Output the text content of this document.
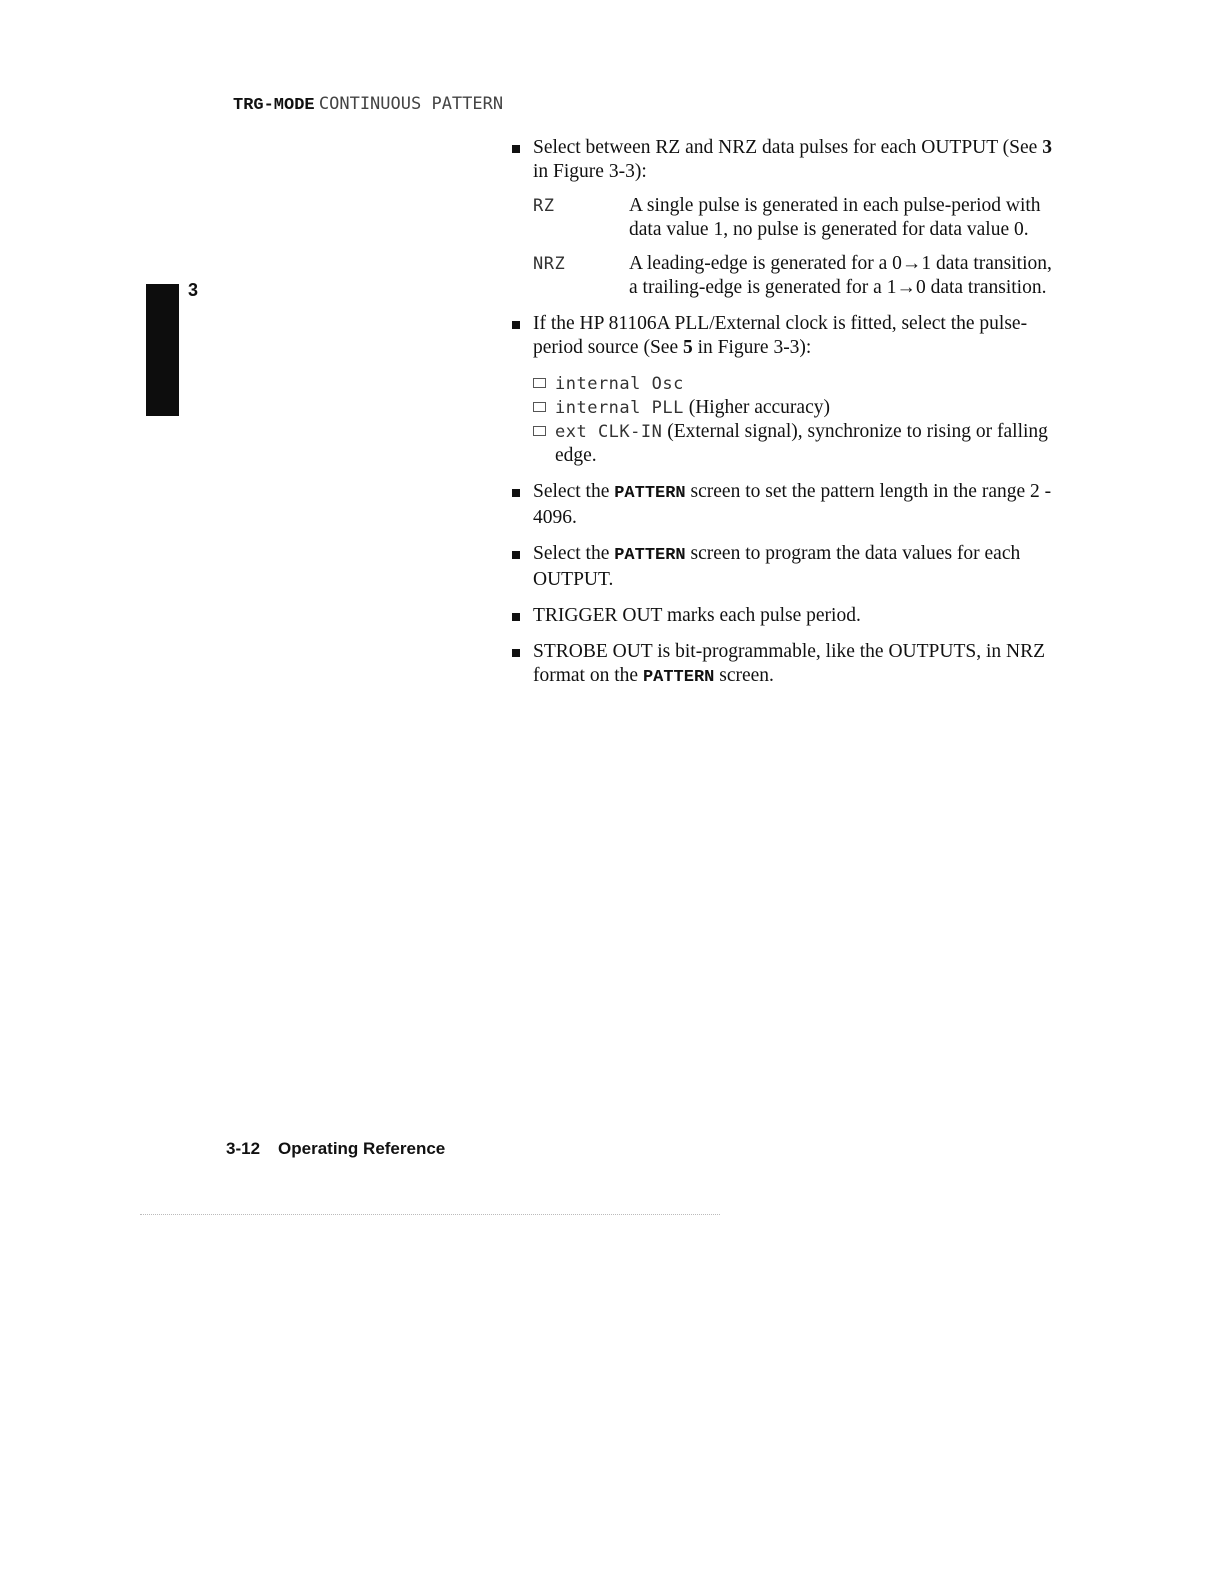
TRG-MODE CONTINUOUS PATTERN
3
Select between RZ and NRZ data pulses for each OUTPUT (See 3 in Figure 3-3):
RZ	A single pulse is generated in each pulse-period with data value 1, no pulse is generated for data value 0.
NRZ	A leading-edge is generated for a 0→1 data transition, a trailing-edge is generated for a 1→0 data transition.
If the HP 81106A PLL/External clock is fitted, select the pulse-period source (See 5 in Figure 3-3):
internal Osc
internal PLL (Higher accuracy)
ext CLK-IN (External signal), synchronize to rising or falling edge.
Select the PATTERN screen to set the pattern length in the range 2 - 4096.
Select the PATTERN screen to program the data values for each OUTPUT.
TRIGGER OUT marks each pulse period.
STROBE OUT is bit-programmable, like the OUTPUTS, in NRZ format on the PATTERN screen.
3-12 Operating Reference
